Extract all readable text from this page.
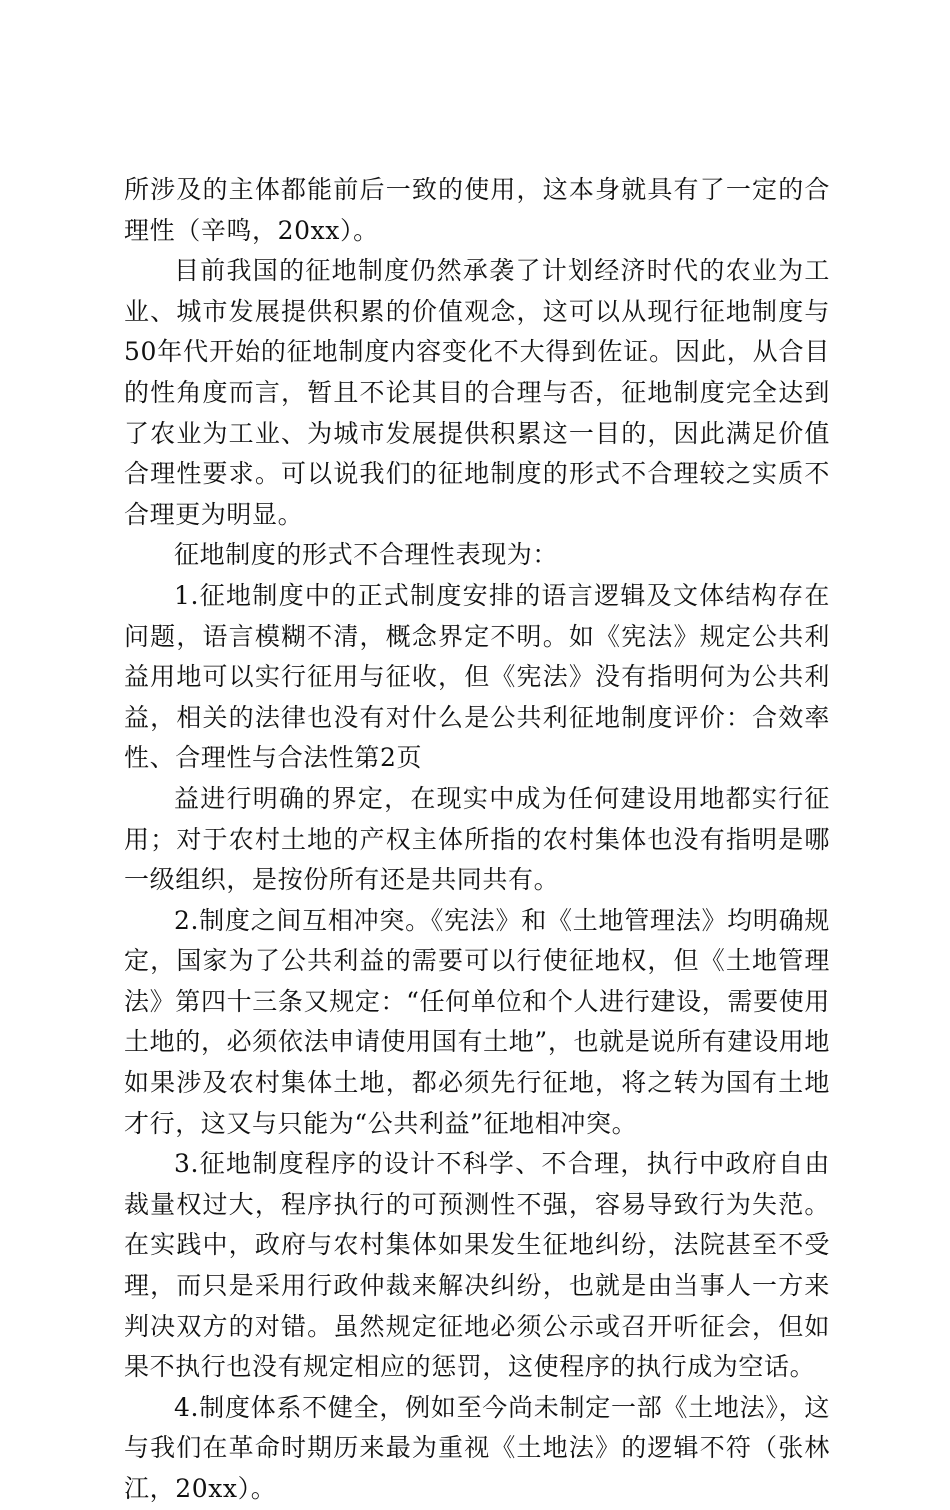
所涉及的主体都能前后一致的使用，这本身就具有了一定的合理性（辛鸣，20xx）。

目前我国的征地制度仍然承袭了计划经济时代的农业为工业、城市发展提供积累的价值观念，这可以从现行征地制度与50年代开始的征地制度内容变化不大得到佐证。因此，从合目的性角度而言，暂且不论其目的合理与否，征地制度完全达到了农业为工业、为城市发展提供积累这一目的，因此满足价值合理性要求。可以说我们的征地制度的形式不合理较之实质不合理更为明显。

征地制度的形式不合理性表现为：

1.征地制度中的正式制度安排的语言逻辑及文体结构存在问题，语言模糊不清，概念界定不明。如《宪法》规定公共利益用地可以实行征用与征收，但《宪法》没有指明何为公共利益，相关的法律也没有对什么是公共利征地制度评价：合效率性、合理性与合法性第2页

益进行明确的界定，在现实中成为任何建设用地都实行征用；对于农村土地的产权主体所指的农村集体也没有指明是哪一级组织，是按份所有还是共同共有。

2.制度之间互相冲突。《宪法》和《土地管理法》均明确规定，国家为了公共利益的需要可以行使征地权，但《土地管理法》第四十三条又规定：“任何单位和个人进行建设，需要使用土地的，必须依法申请使用国有土地”，也就是说所有建设用地如果涉及农村集体土地，都必须先行征地，将之转为国有土地才行，这又与只能为“公共利益”征地相冲突。

3.征地制度程序的设计不科学、不合理，执行中政府自由裁量权过大，程序执行的可预测性不强，容易导致行为失范。在实践中，政府与农村集体如果发生征地纠纷，法院甚至不受理，而只是采用行政仲裁来解决纠纷，也就是由当事人一方来判决双方的对错。虽然规定征地必须公示或召开听征会，但如果不执行也没有规定相应的惩罚，这使程序的执行成为空话。

4.制度体系不健全，例如至今尚未制定一部《土地法》，这与我们在革命时期历来最为重视《土地法》的逻辑不符（张林江，20xx）。
